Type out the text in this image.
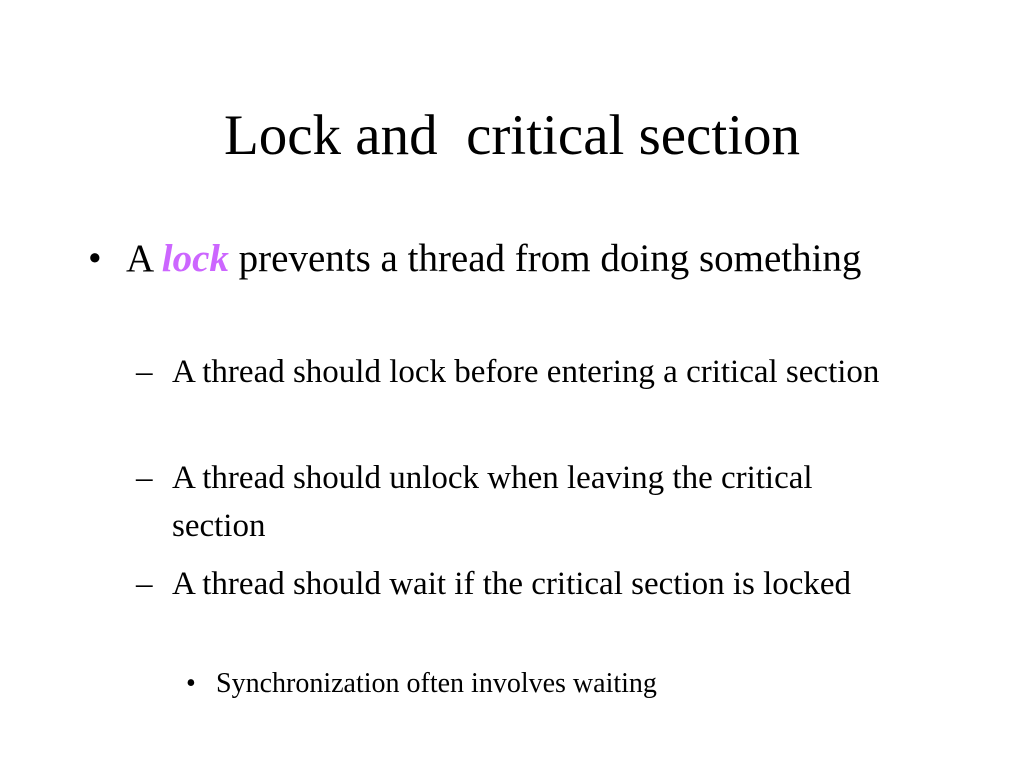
Lock and  critical section
• A lock prevents a thread from doing something
– A thread should lock before entering a critical section
– A thread should unlock when leaving the critical section
– A thread should wait if the critical section is locked
• Synchronization often involves waiting
